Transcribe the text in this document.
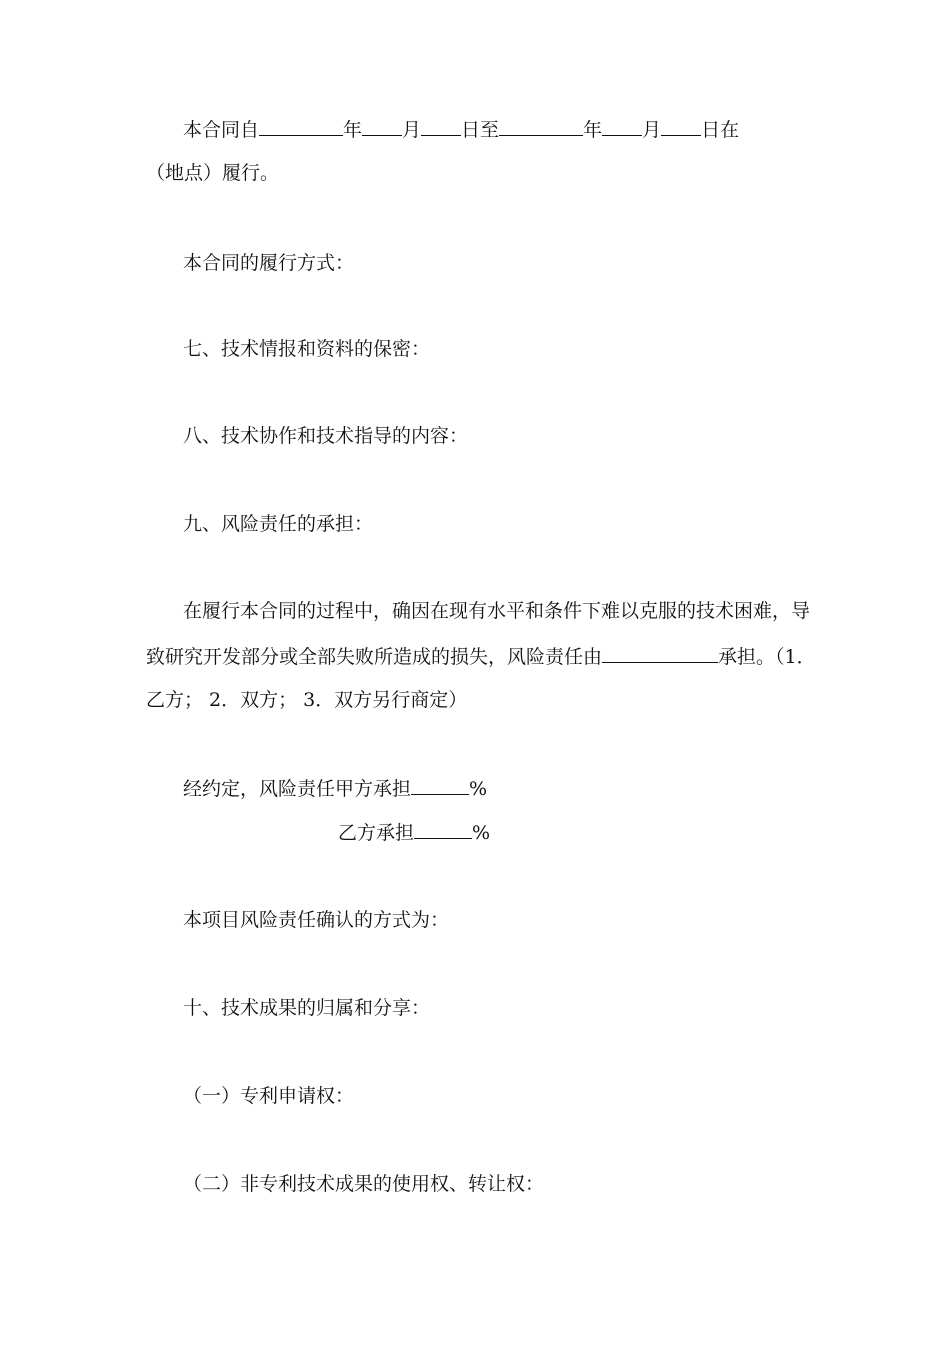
本合同自	年 月 日至	年 月 日在
（地点）履行。
本合同的履行方式：
七、技术情报和资料的保密：
八、技术协作和技术指导的内容：
九、风险责任的承担：
在履行本合同的过程中，确因在现有水平和条件下难以克服的技术困难，导
致研究开发部分或全部失败所造成的损失，风险责任由	承担。（1．
乙方； 2．双方； 3．双方另行商定）
经约定，风险责任甲方承担	%
乙方承担	%
本项目风险责任确认的方式为：
十、技术成果的归属和分享：
（一）专利申请权：
（二）非专利技术成果的使用权、转让权：
